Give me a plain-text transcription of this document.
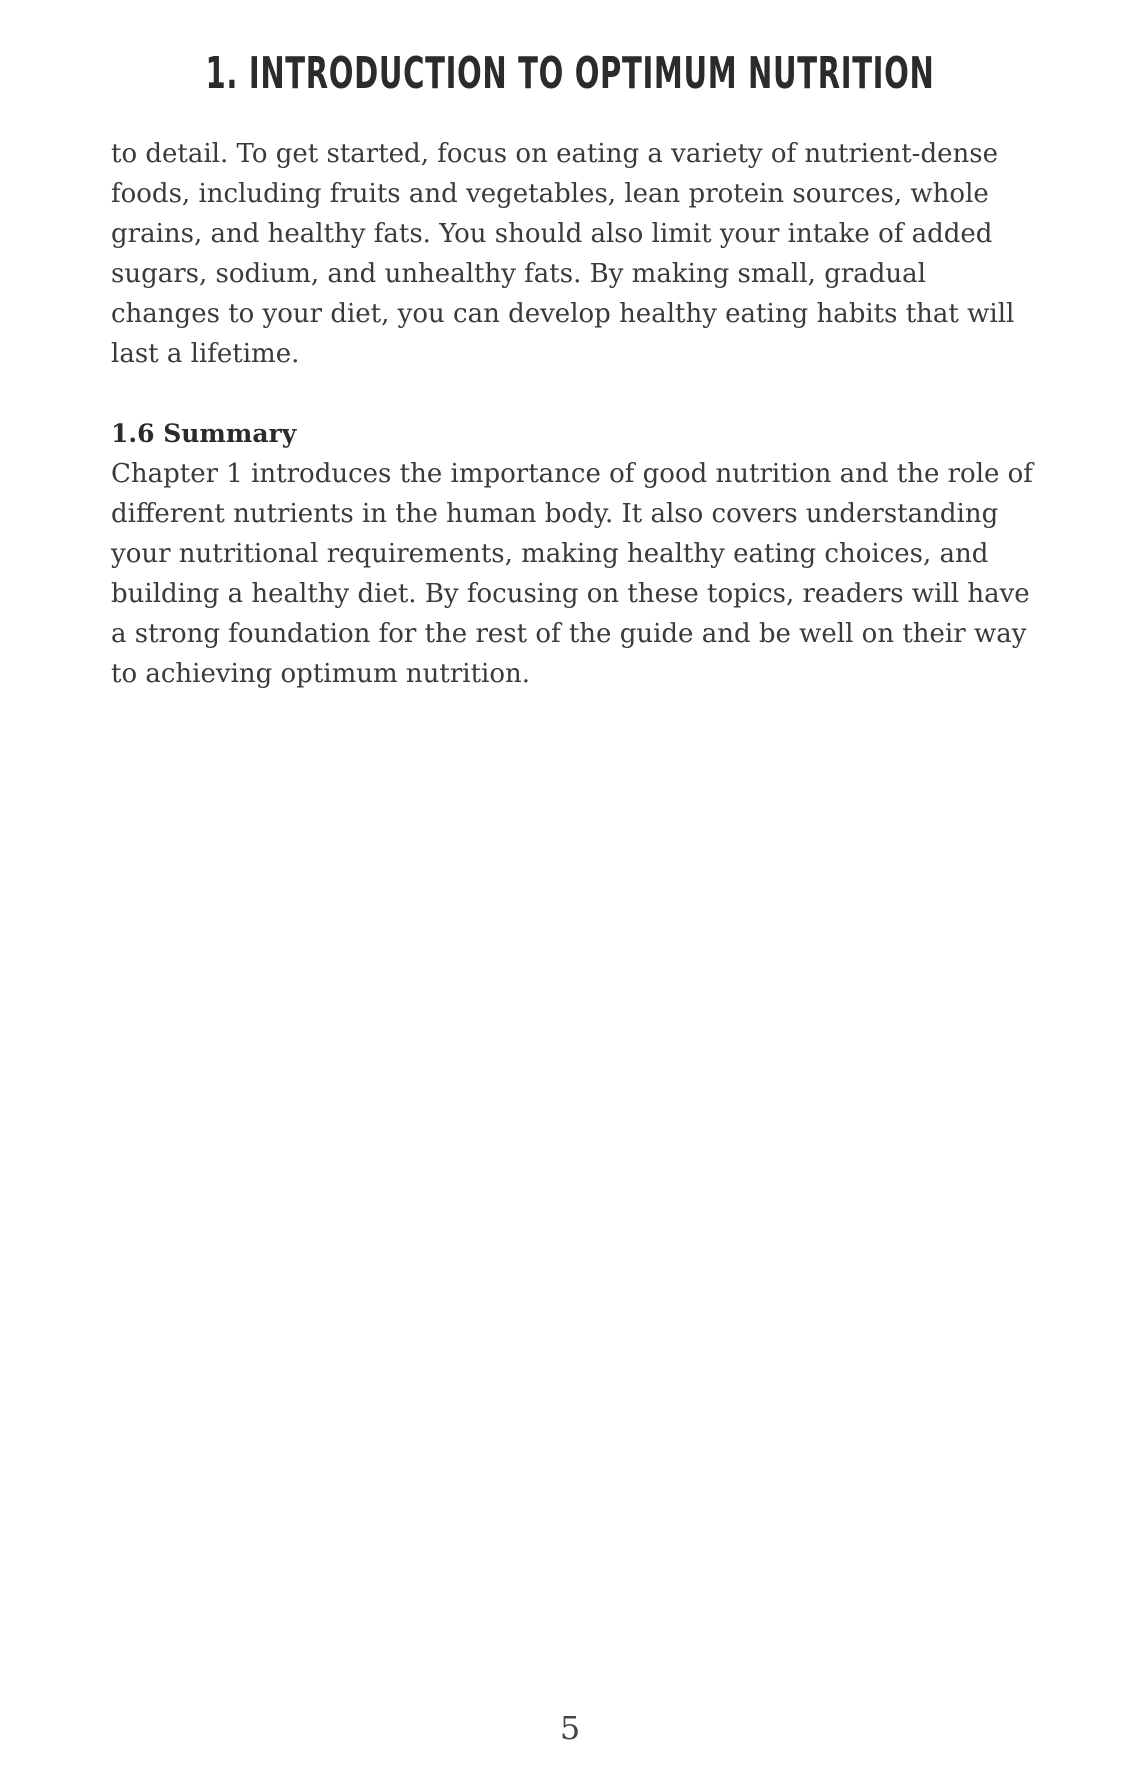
1. INTRODUCTION TO OPTIMUM NUTRITION

to detail. To get started, focus on eating a variety of nutrient-dense foods, including fruits and vegetables, lean protein sources, whole grains, and healthy fats. You should also limit your intake of added sugars, sodium, and unhealthy fats. By making small, gradual changes to your diet, you can develop healthy eating habits that will last a lifetime.

1.6 Summary

Chapter 1 introduces the importance of good nutrition and the role of different nutrients in the human body. It also covers understanding your nutritional requirements, making healthy eating choices, and building a healthy diet. By focusing on these topics, readers will have a strong foundation for the rest of the guide and be well on their way to achieving optimum nutrition.

5
